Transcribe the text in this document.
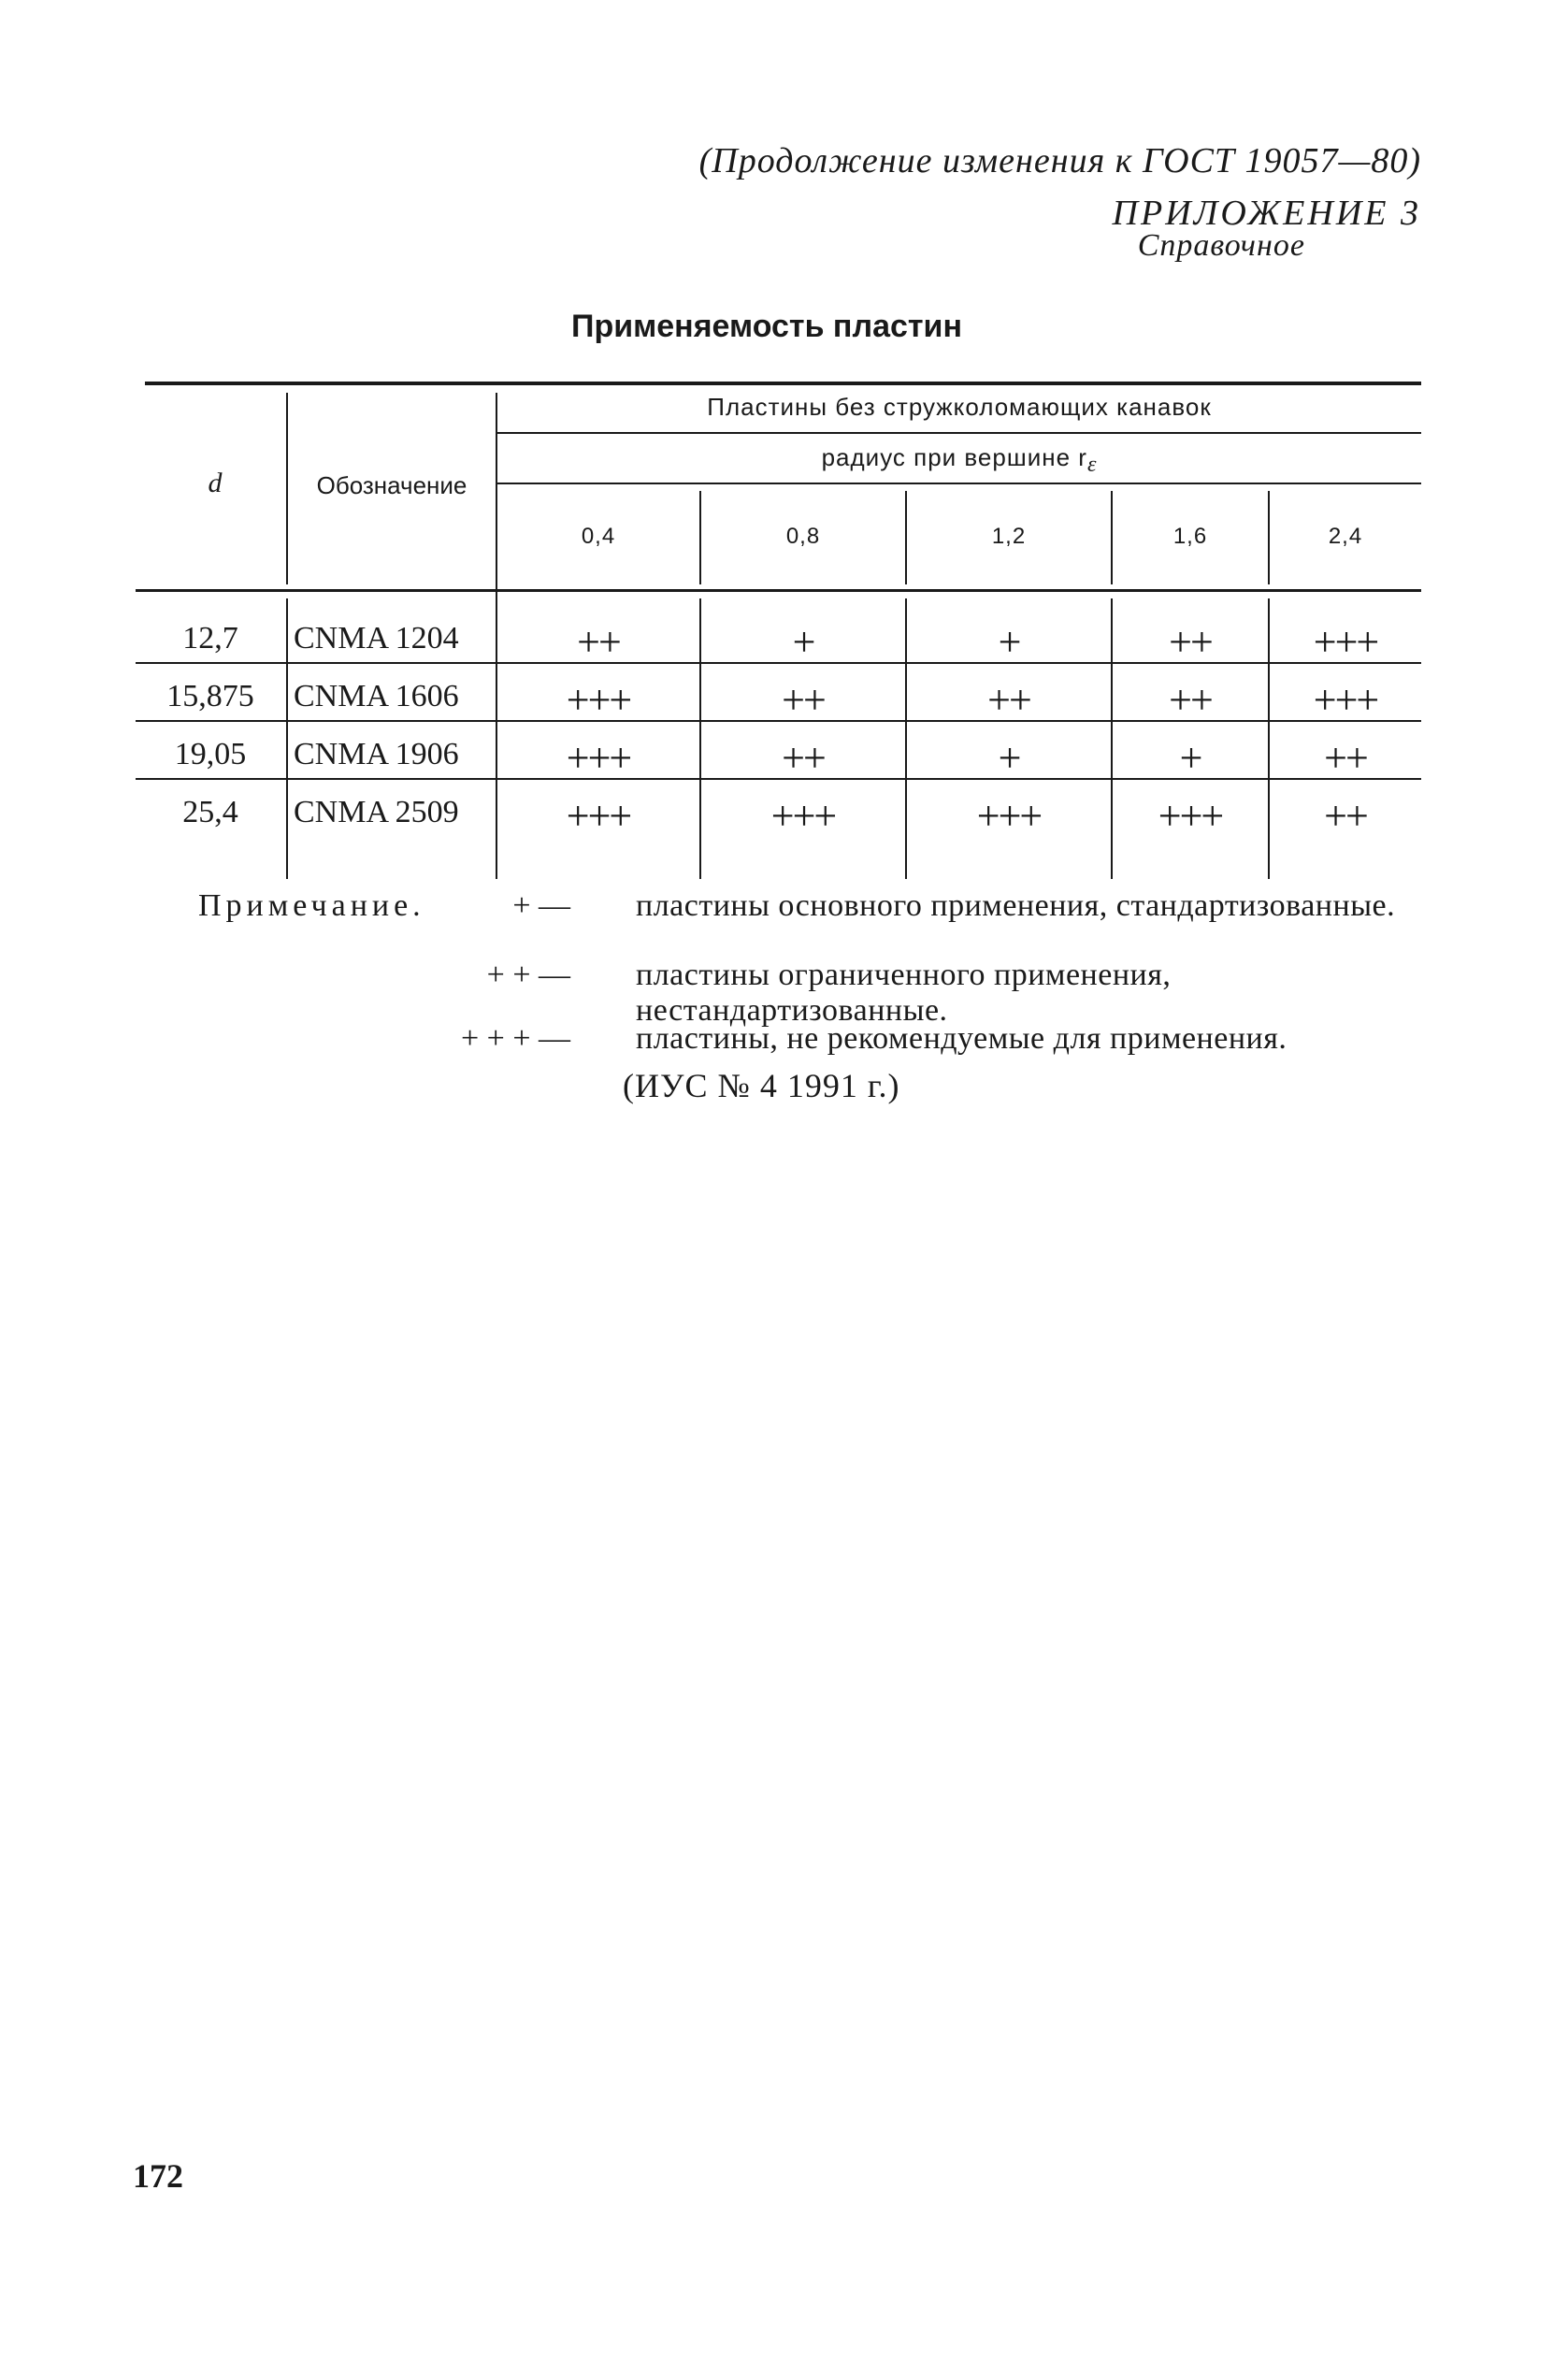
(Продолжение изменения к ГОСТ 19057—80)
ПРИЛОЖЕНИЕ 3
Справочное
Применяемость пластин
d	Обозначение
Пластины без стружколомающих канавок
радиус при вершине $r_\varepsilon$
0,4	0,8	1,2	1,6	2,4
12,7	CNMA 1204	++	+	+	++	+++
15,875	CNMA 1606	+++	++	++	++	+++
19,05	CNMA 1906	+++	++	+	+	++
25,4	CNMA 2509	+++	+++	+++	+++	++
Примечание.	+ — пластины основного применения, стандартизованные.
+ + — пластины ограниченного применения, нестандартизованные.
+ + + — пластины, не рекомендуемые для применения.
(ИУС № 4 1991 г.)
172
